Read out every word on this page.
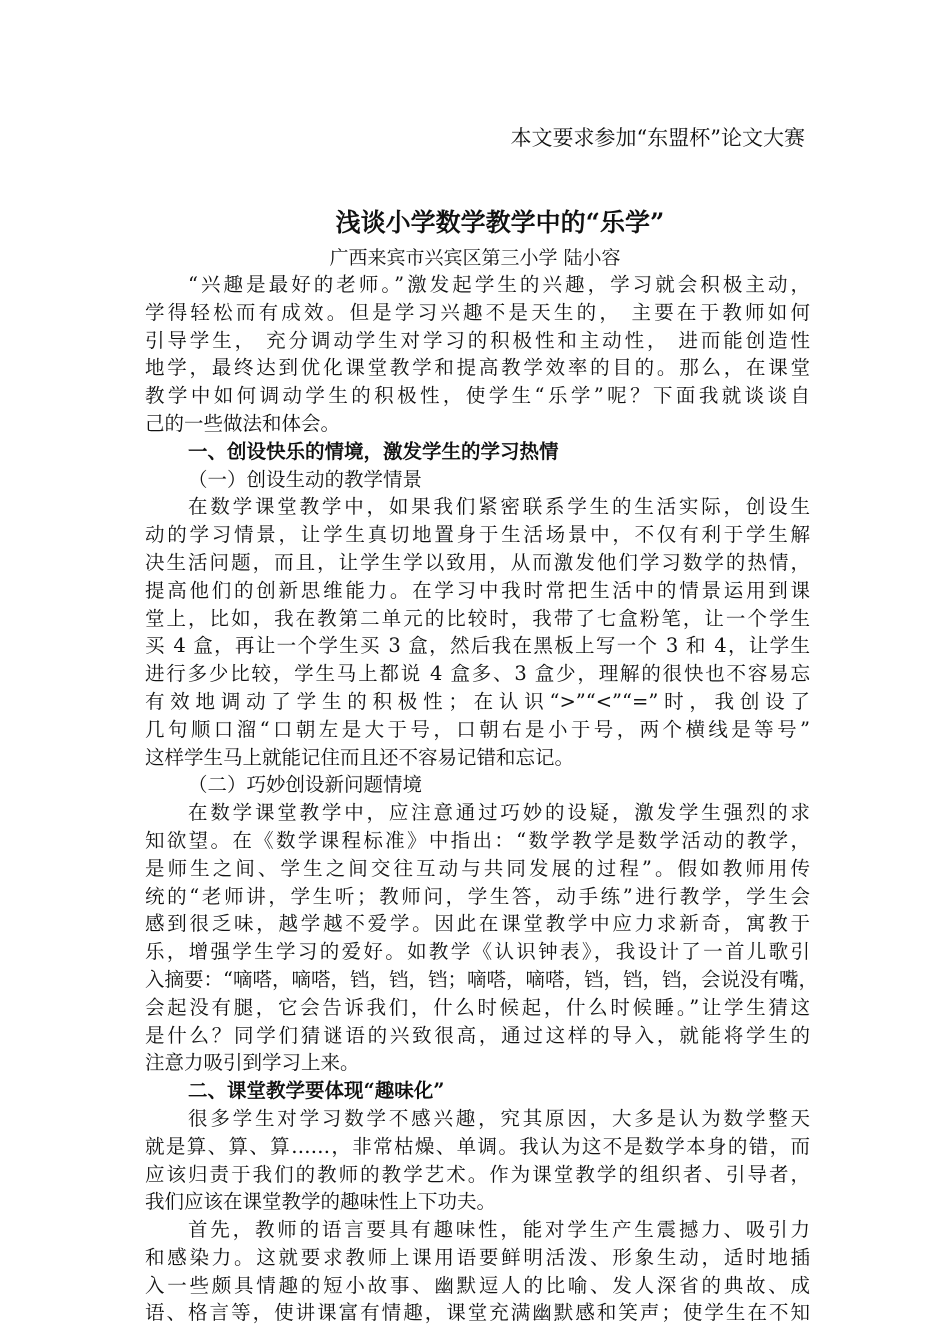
本文要求参加“东盟杯”论文大赛
浅谈小学数学教学中的“乐学”
广西来宾市兴宾区第三小学 陆小容
“兴趣是最好的老师。”激发起学生的兴趣，学习就会积极主动，
学得轻松而有成效。但是学习兴趣不是天生的， 主要在于教师如何
引导学生， 充分调动学生对学习的积极性和主动性， 进而能创造性
地学，最终达到优化课堂教学和提高教学效率的目的。那么，在课堂
教学中如何调动学生的积极性，使学生“乐学”呢？下面我就谈谈自
己的一些做法和体会。
一、创设快乐的情境，激发学生的学习热情
（一）创设生动的教学情景
在数学课堂教学中，如果我们紧密联系学生的生活实际，创设生
动的学习情景，让学生真切地置身于生活场景中，不仅有利于学生解
决生活问题，而且，让学生学以致用，从而激发他们学习数学的热情，
提高他们的创新思维能力。在学习中我时常把生活中的情景运用到课
堂上，比如，我在教第二单元的比较时，我带了七盒粉笔，让一个学生
买 4 盒，再让一个学生买 3 盒，然后我在黑板上写一个 3 和 4，让学生
进行多少比较，学生马上都说 4 盒多、3 盒少，理解的很快也不容易忘
有效地调动了学生的积极性；在认识“>”“<”“=”时，我创设了
几句顺口溜“口朝左是大于号，口朝右是小于号，两个横线是等号”
这样学生马上就能记住而且还不容易记错和忘记。
（二）巧妙创设新问题情境
在数学课堂教学中，应注意通过巧妙的设疑，激发学生强烈的求
知欲望。在《数学课程标准》中指出：“数学教学是数学活动的教学，
是师生之间、学生之间交往互动与共同发展的过程”。假如教师用传
统的“老师讲，学生听；教师问，学生答，动手练”进行教学，学生会
感到很乏味，越学越不爱学。因此在课堂教学中应力求新奇，寓教于
乐，增强学生学习的爱好。如教学《认识钟表》，我设计了一首儿歌引
入摘要：“嘀嗒，嘀嗒，铛，铛，铛；嘀嗒，嘀嗒，铛，铛，铛，会说没有嘴，
会起没有腿，它会告诉我们，什么时候起，什么时候睡。”让学生猜这
是什么？同学们猜谜语的兴致很高，通过这样的导入，就能将学生的
注意力吸引到学习上来。
二、课堂教学要体现“趣味化”
很多学生对学习数学不感兴趣，究其原因，大多是认为数学整天
就是算、算、算……，非常枯燥、单调。我认为这不是数学本身的错，而
应该归责于我们的教师的教学艺术。作为课堂教学的组织者、引导者，
我们应该在课堂教学的趣味性上下功夫。
首先，教师的语言要具有趣味性，能对学生产生震撼力、吸引力
和感染力。这就要求教师上课用语要鲜明活泼、形象生动，适时地插
入一些颇具情趣的短小故事、幽默逗人的比喻、发人深省的典故、成
语、格言等，使讲课富有情趣，课堂充满幽默感和笑声；使学生在不知
